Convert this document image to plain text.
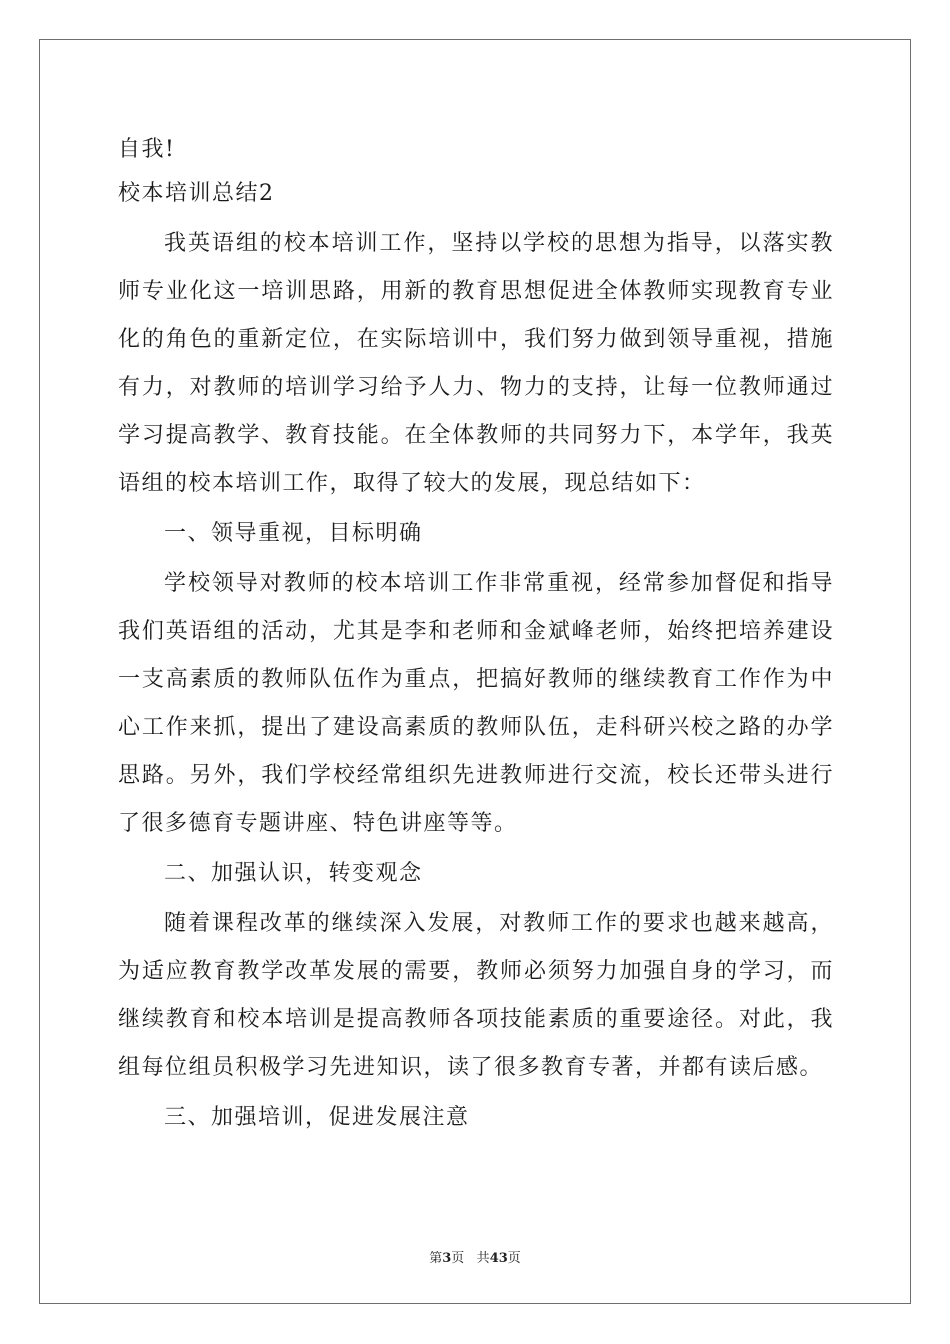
自我!
校本培训总结2

我英语组的校本培训工作，坚持以学校的思想为指导，以落实教师专业化这一培训思路，用新的教育思想促进全体教师实现教育专业化的角色的重新定位，在实际培训中，我们努力做到领导重视，措施有力，对教师的培训学习给予人力、物力的支持，让每一位教师通过学习提高教学、教育技能。在全体教师的共同努力下，本学年，我英语组的校本培训工作，取得了较大的发展，现总结如下：

一、领导重视，目标明确

学校领导对教师的校本培训工作非常重视，经常参加督促和指导我们英语组的活动，尤其是李和老师和金斌峰老师，始终把培养建设一支高素质的教师队伍作为重点，把搞好教师的继续教育工作作为中心工作来抓，提出了建设高素质的教师队伍，走科研兴校之路的办学思路。另外，我们学校经常组织先进教师进行交流，校长还带头进行了很多德育专题讲座、特色讲座等等。

二、加强认识，转变观念

随着课程改革的继续深入发展，对教师工作的要求也越来越高，为适应教育教学改革发展的需要，教师必须努力加强自身的学习，而继续教育和校本培训是提高教师各项技能素质的重要途径。对此，我组每位组员积极学习先进知识，读了很多教育专著，并都有读后感。

三、加强培训，促进发展注意

第3页 共43页
